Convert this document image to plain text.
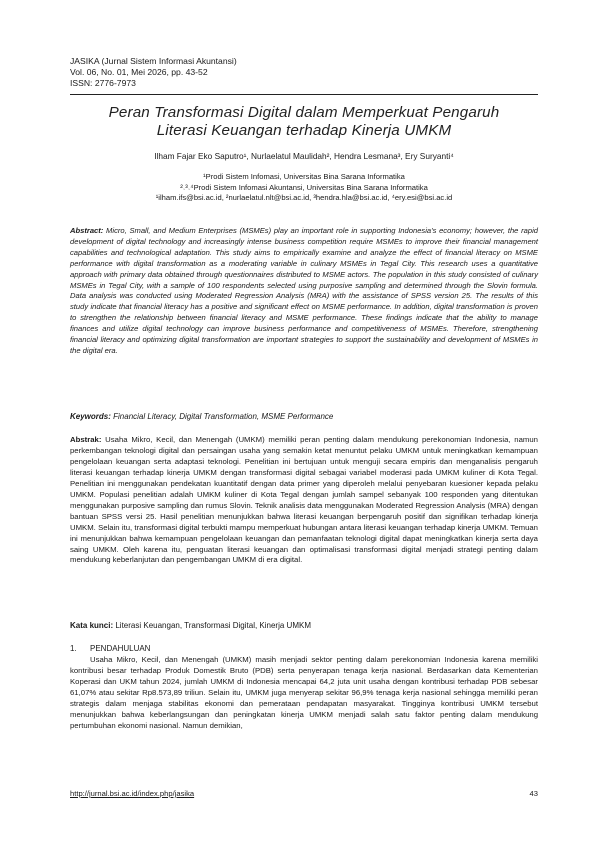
JASIKA (Jurnal Sistem Informasi Akuntansi)
Vol. 06, No. 01, Mei 2026, pp. 43-52
ISSN: 2776-7973
Peran Transformasi Digital dalam Memperkuat Pengaruh
Literasi Keuangan terhadap Kinerja UMKM
Ilham Fajar Eko Saputro¹, Nurlaelatul Maulidah², Hendra Lesmana³, Ery Suryanti⁴
¹Prodi Sistem Infomasi, Universitas Bina Sarana Informatika
²˒³˒⁴Prodi Sistem Infomasi Akuntansi, Universitas Bina Sarana Informatika
¹ilham.ifs@bsi.ac.id, ²nurlaelatul.nlt@bsi.ac.id, ³hendra.hla@bsi.ac.id, ⁴ery.esi@bsi.ac.id
Abstract: Micro, Small, and Medium Enterprises (MSMEs) play an important role in supporting Indonesia's economy; however, the rapid development of digital technology and increasingly intense business competition require MSMEs to improve their financial management capabilities and technological adaptation. This study aims to empirically examine and analyze the effect of financial literacy on MSME performance with digital transformation as a moderating variable in culinary MSMEs in Tegal City. This research uses a quantitative approach with primary data obtained through questionnaires distributed to MSME actors. The population in this study consisted of culinary MSMEs in Tegal City, with a sample of 100 respondents selected using purposive sampling and determined through the Slovin formula. Data analysis was conducted using Moderated Regression Analysis (MRA) with the assistance of SPSS version 25. The results of this study indicate that financial literacy has a positive and significant effect on MSME performance. In addition, digital transformation is proven to strengthen the relationship between financial literacy and MSME performance. These findings indicate that the ability to manage finances and utilize digital technology can improve business performance and competitiveness of MSMEs. Therefore, strengthening financial literacy and optimizing digital transformation are important strategies to support the sustainability and development of MSMEs in the digital era.
Keywords: Financial Literacy, Digital Transformation, MSME Performance
Abstrak: Usaha Mikro, Kecil, dan Menengah (UMKM) memiliki peran penting dalam mendukung perekonomian Indonesia, namun perkembangan teknologi digital dan persaingan usaha yang semakin ketat menuntut pelaku UMKM untuk meningkatkan kemampuan pengelolaan keuangan serta adaptasi teknologi. Penelitian ini bertujuan untuk menguji secara empiris dan menganalisis pengaruh literasi keuangan terhadap kinerja UMKM dengan transformasi digital sebagai variabel moderasi pada UMKM kuliner di Kota Tegal. Penelitian ini menggunakan pendekatan kuantitatif dengan data primer yang diperoleh melalui penyebaran kuesioner kepada pelaku UMKM. Populasi penelitian adalah UMKM kuliner di Kota Tegal dengan jumlah sampel sebanyak 100 responden yang ditentukan menggunakan purposive sampling dan rumus Slovin. Teknik analisis data menggunakan Moderated Regression Analysis (MRA) dengan bantuan SPSS versi 25. Hasil penelitian menunjukkan bahwa literasi keuangan berpengaruh positif dan signifikan terhadap kinerja UMKM. Selain itu, transformasi digital terbukti mampu memperkuat hubungan antara literasi keuangan terhadap kinerja UMKM. Temuan ini menunjukkan bahwa kemampuan pengelolaan keuangan dan pemanfaatan teknologi digital dapat meningkatkan kinerja serta daya saing UMKM. Oleh karena itu, penguatan literasi keuangan dan optimalisasi transformasi digital menjadi strategi penting dalam mendukung keberlanjutan dan pengembangan UMKM di era digital.
Kata kunci: Literasi Keuangan, Transformasi Digital, Kinerja UMKM
1. PENDAHULUAN
Usaha Mikro, Kecil, dan Menengah (UMKM) masih menjadi sektor penting dalam perekonomian Indonesia karena memiliki kontribusi besar terhadap Produk Domestik Bruto (PDB) serta penyerapan tenaga kerja nasional. Berdasarkan data Kementerian Koperasi dan UKM tahun 2024, jumlah UMKM di Indonesia mencapai 64,2 juta unit usaha dengan kontribusi terhadap PDB sebesar 61,07% atau sekitar Rp8.573,89 triliun. Selain itu, UMKM juga menyerap sekitar 96,9% tenaga kerja nasional sehingga memiliki peran strategis dalam menjaga stabilitas ekonomi dan pemerataan pendapatan masyarakat. Tingginya kontribusi UMKM tersebut menunjukkan bahwa keberlangsungan dan peningkatan kinerja UMKM menjadi salah satu faktor penting dalam mendukung pertumbuhan ekonomi nasional. Namun demikian,
http://jurnal.bsi.ac.id/index.php/jasika	43
